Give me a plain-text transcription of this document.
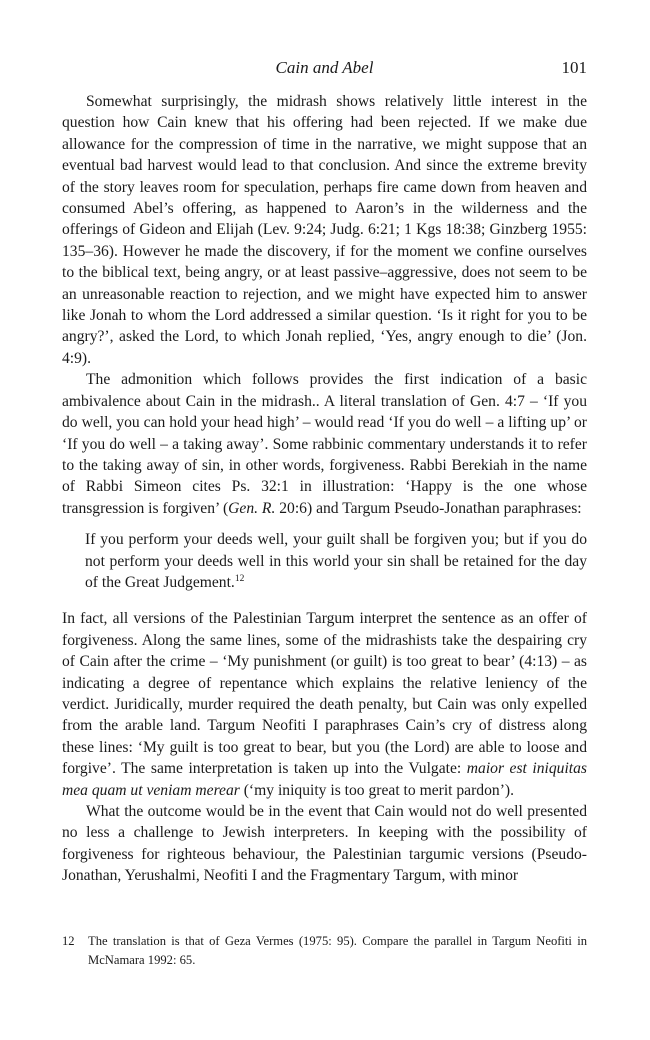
Cain and Abel	101

Somewhat surprisingly, the midrash shows relatively little interest in the question how Cain knew that his offering had been rejected. If we make due allowance for the compression of time in the narrative, we might suppose that an eventual bad harvest would lead to that conclusion. And since the extreme brevity of the story leaves room for speculation, perhaps fire came down from heaven and consumed Abel’s offering, as happened to Aaron’s in the wilderness and the offerings of Gideon and Elijah (Lev. 9:24; Judg. 6:21; 1 Kgs 18:38; Ginzberg 1955: 135–36). However he made the discovery, if for the moment we confine ourselves to the biblical text, being angry, or at least passive–aggressive, does not seem to be an unreasonable reaction to rejection, and we might have expected him to answer like Jonah to whom the Lord addressed a similar question. ‘Is it right for you to be angry?’, asked the Lord, to which Jonah replied, ‘Yes, angry enough to die’ (Jon. 4:9).

The admonition which follows provides the first indication of a basic ambivalence about Cain in the midrash.. A literal translation of Gen. 4:7 – ‘If you do well, you can hold your head high’ – would read ‘If you do well – a lifting up’ or ‘If you do well – a taking away’. Some rabbinic commentary understands it to refer to the taking away of sin, in other words, forgiveness. Rabbi Berekiah in the name of Rabbi Simeon cites Ps. 32:1 in illustration: ‘Happy is the one whose transgression is forgiven’ (Gen. R. 20:6) and Targum Pseudo-Jonathan paraphrases:

If you perform your deeds well, your guilt shall be forgiven you; but if you do not perform your deeds well in this world your sin shall be retained for the day of the Great Judgement.$^{12}$

In fact, all versions of the Palestinian Targum interpret the sentence as an offer of forgiveness. Along the same lines, some of the midrashists take the despairing cry of Cain after the crime – ‘My punishment (or guilt) is too great to bear’ (4:13) – as indicating a degree of repentance which explains the relative leniency of the verdict. Juridically, murder required the death penalty, but Cain was only expelled from the arable land. Targum Neofiti I paraphrases Cain’s cry of distress along these lines: ‘My guilt is too great to bear, but you (the Lord) are able to loose and forgive’. The same interpretation is taken up into the Vulgate: maior est iniquitas mea quam ut veniam merear (‘my iniquity is too great to merit pardon’).

What the outcome would be in the event that Cain would not do well presented no less a challenge to Jewish interpreters. In keeping with the possibility of forgiveness for righteous behaviour, the Palestinian targumic versions (Pseudo-Jonathan, Yerushalmi, Neofiti I and the Fragmentary Targum, with minor

12 The translation is that of Geza Vermes (1975: 95). Compare the parallel in Targum Neofiti in McNamara 1992: 65.
